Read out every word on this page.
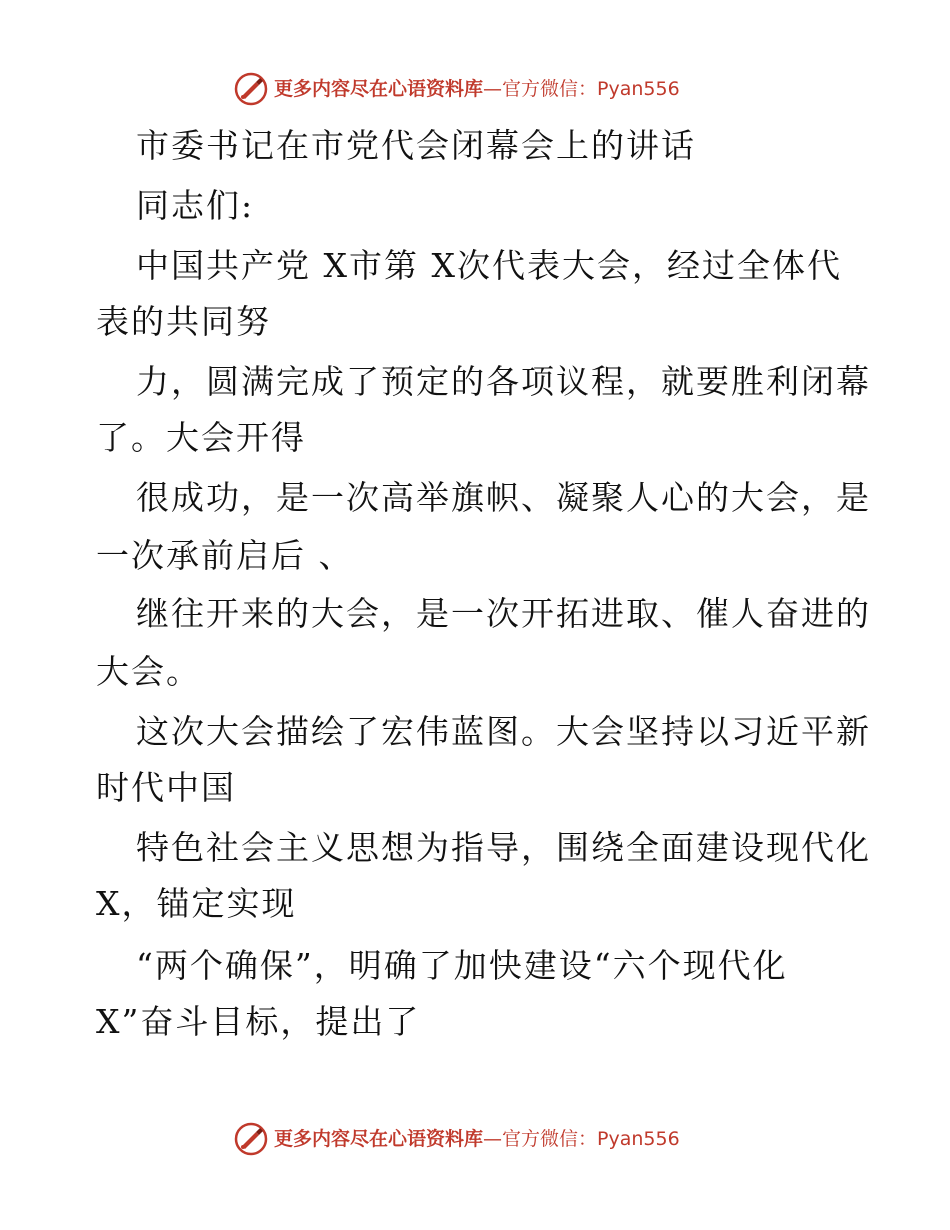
更多内容尽在心语资料库—官方微信：Pyan556
市委书记在市党代会闭幕会上的讲话
同志们:
中国共产党 X市第 X次代表大会，经过全体代
表的共同努
力，圆满完成了预定的各项议程，就要胜利闭幕
了。大会开得
很成功，是一次高举旗帜、凝聚人心的大会，是
一次承前启后 、
继往开来的大会，是一次开拓进取、催人奋进的
大会。
这次大会描绘了宏伟蓝图。大会坚持以习近平新
时代中国
特色社会主义思想为指导，围绕全面建设现代化
X，锚定实现
“两个确保”，明确了加快建设“六个现代化
X”奋斗目标，提出了
更多内容尽在心语资料库—官方微信：Pyan556
